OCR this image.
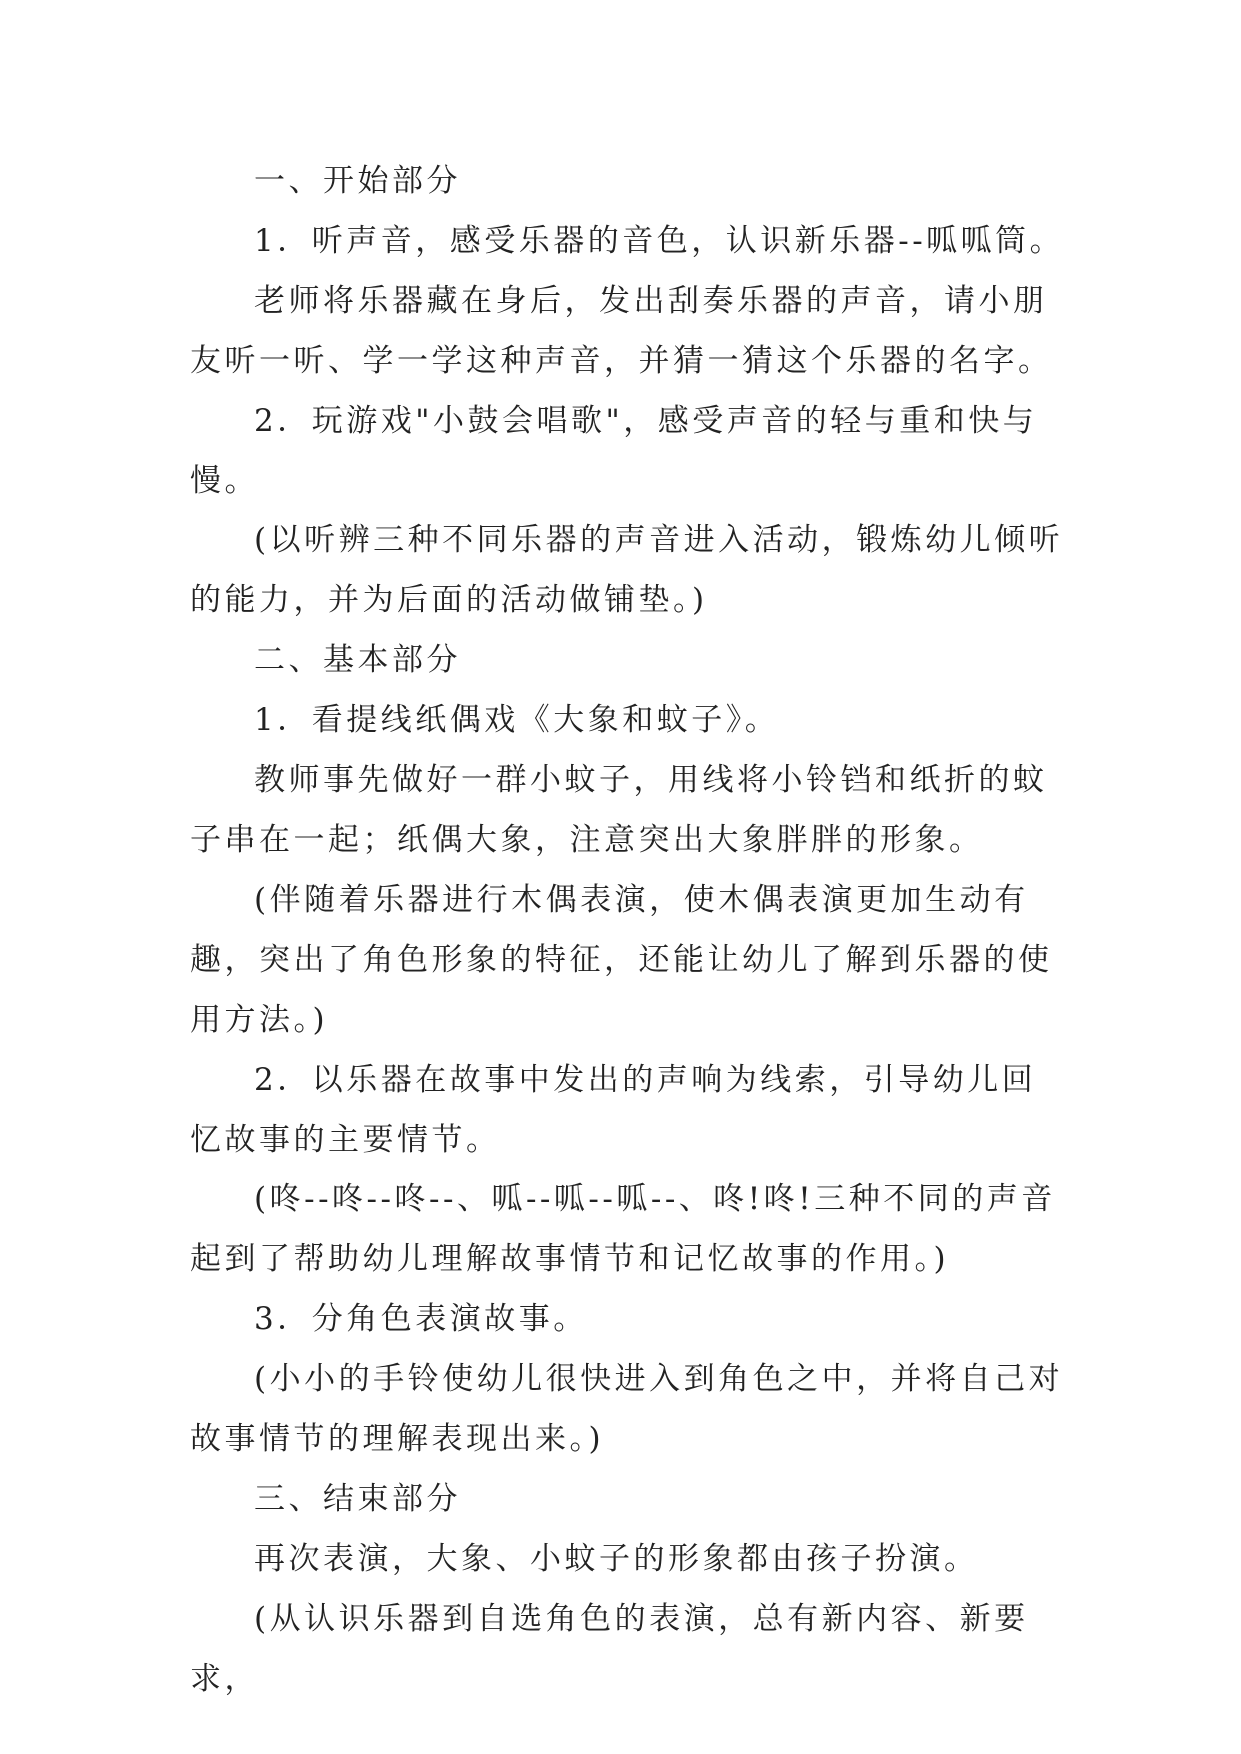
一、开始部分

1．听声音，感受乐器的音色，认识新乐器--呱呱筒。

老师将乐器藏在身后，发出刮奏乐器的声音，请小朋友听一听、学一学这种声音，并猜一猜这个乐器的名字。

2．玩游戏"小鼓会唱歌"，感受声音的轻与重和快与慢。

(以听辨三种不同乐器的声音进入活动，锻炼幼儿倾听的能力，并为后面的活动做铺垫。)

二、基本部分

1．看提线纸偶戏《大象和蚊子》。

教师事先做好一群小蚊子，用线将小铃铛和纸折的蚊子串在一起；纸偶大象，注意突出大象胖胖的形象。

(伴随着乐器进行木偶表演，使木偶表演更加生动有趣，突出了角色形象的特征，还能让幼儿了解到乐器的使用方法。)

2．以乐器在故事中发出的声响为线索，引导幼儿回忆故事的主要情节。

(咚--咚--咚--、呱--呱--呱--、咚!咚!三种不同的声音起到了帮助幼儿理解故事情节和记忆故事的作用。)

3．分角色表演故事。

(小小的手铃使幼儿很快进入到角色之中，并将自己对故事情节的理解表现出来。)

三、结束部分

再次表演，大象、小蚊子的形象都由孩子扮演。

(从认识乐器到自选角色的表演，总有新内容、新要求，
